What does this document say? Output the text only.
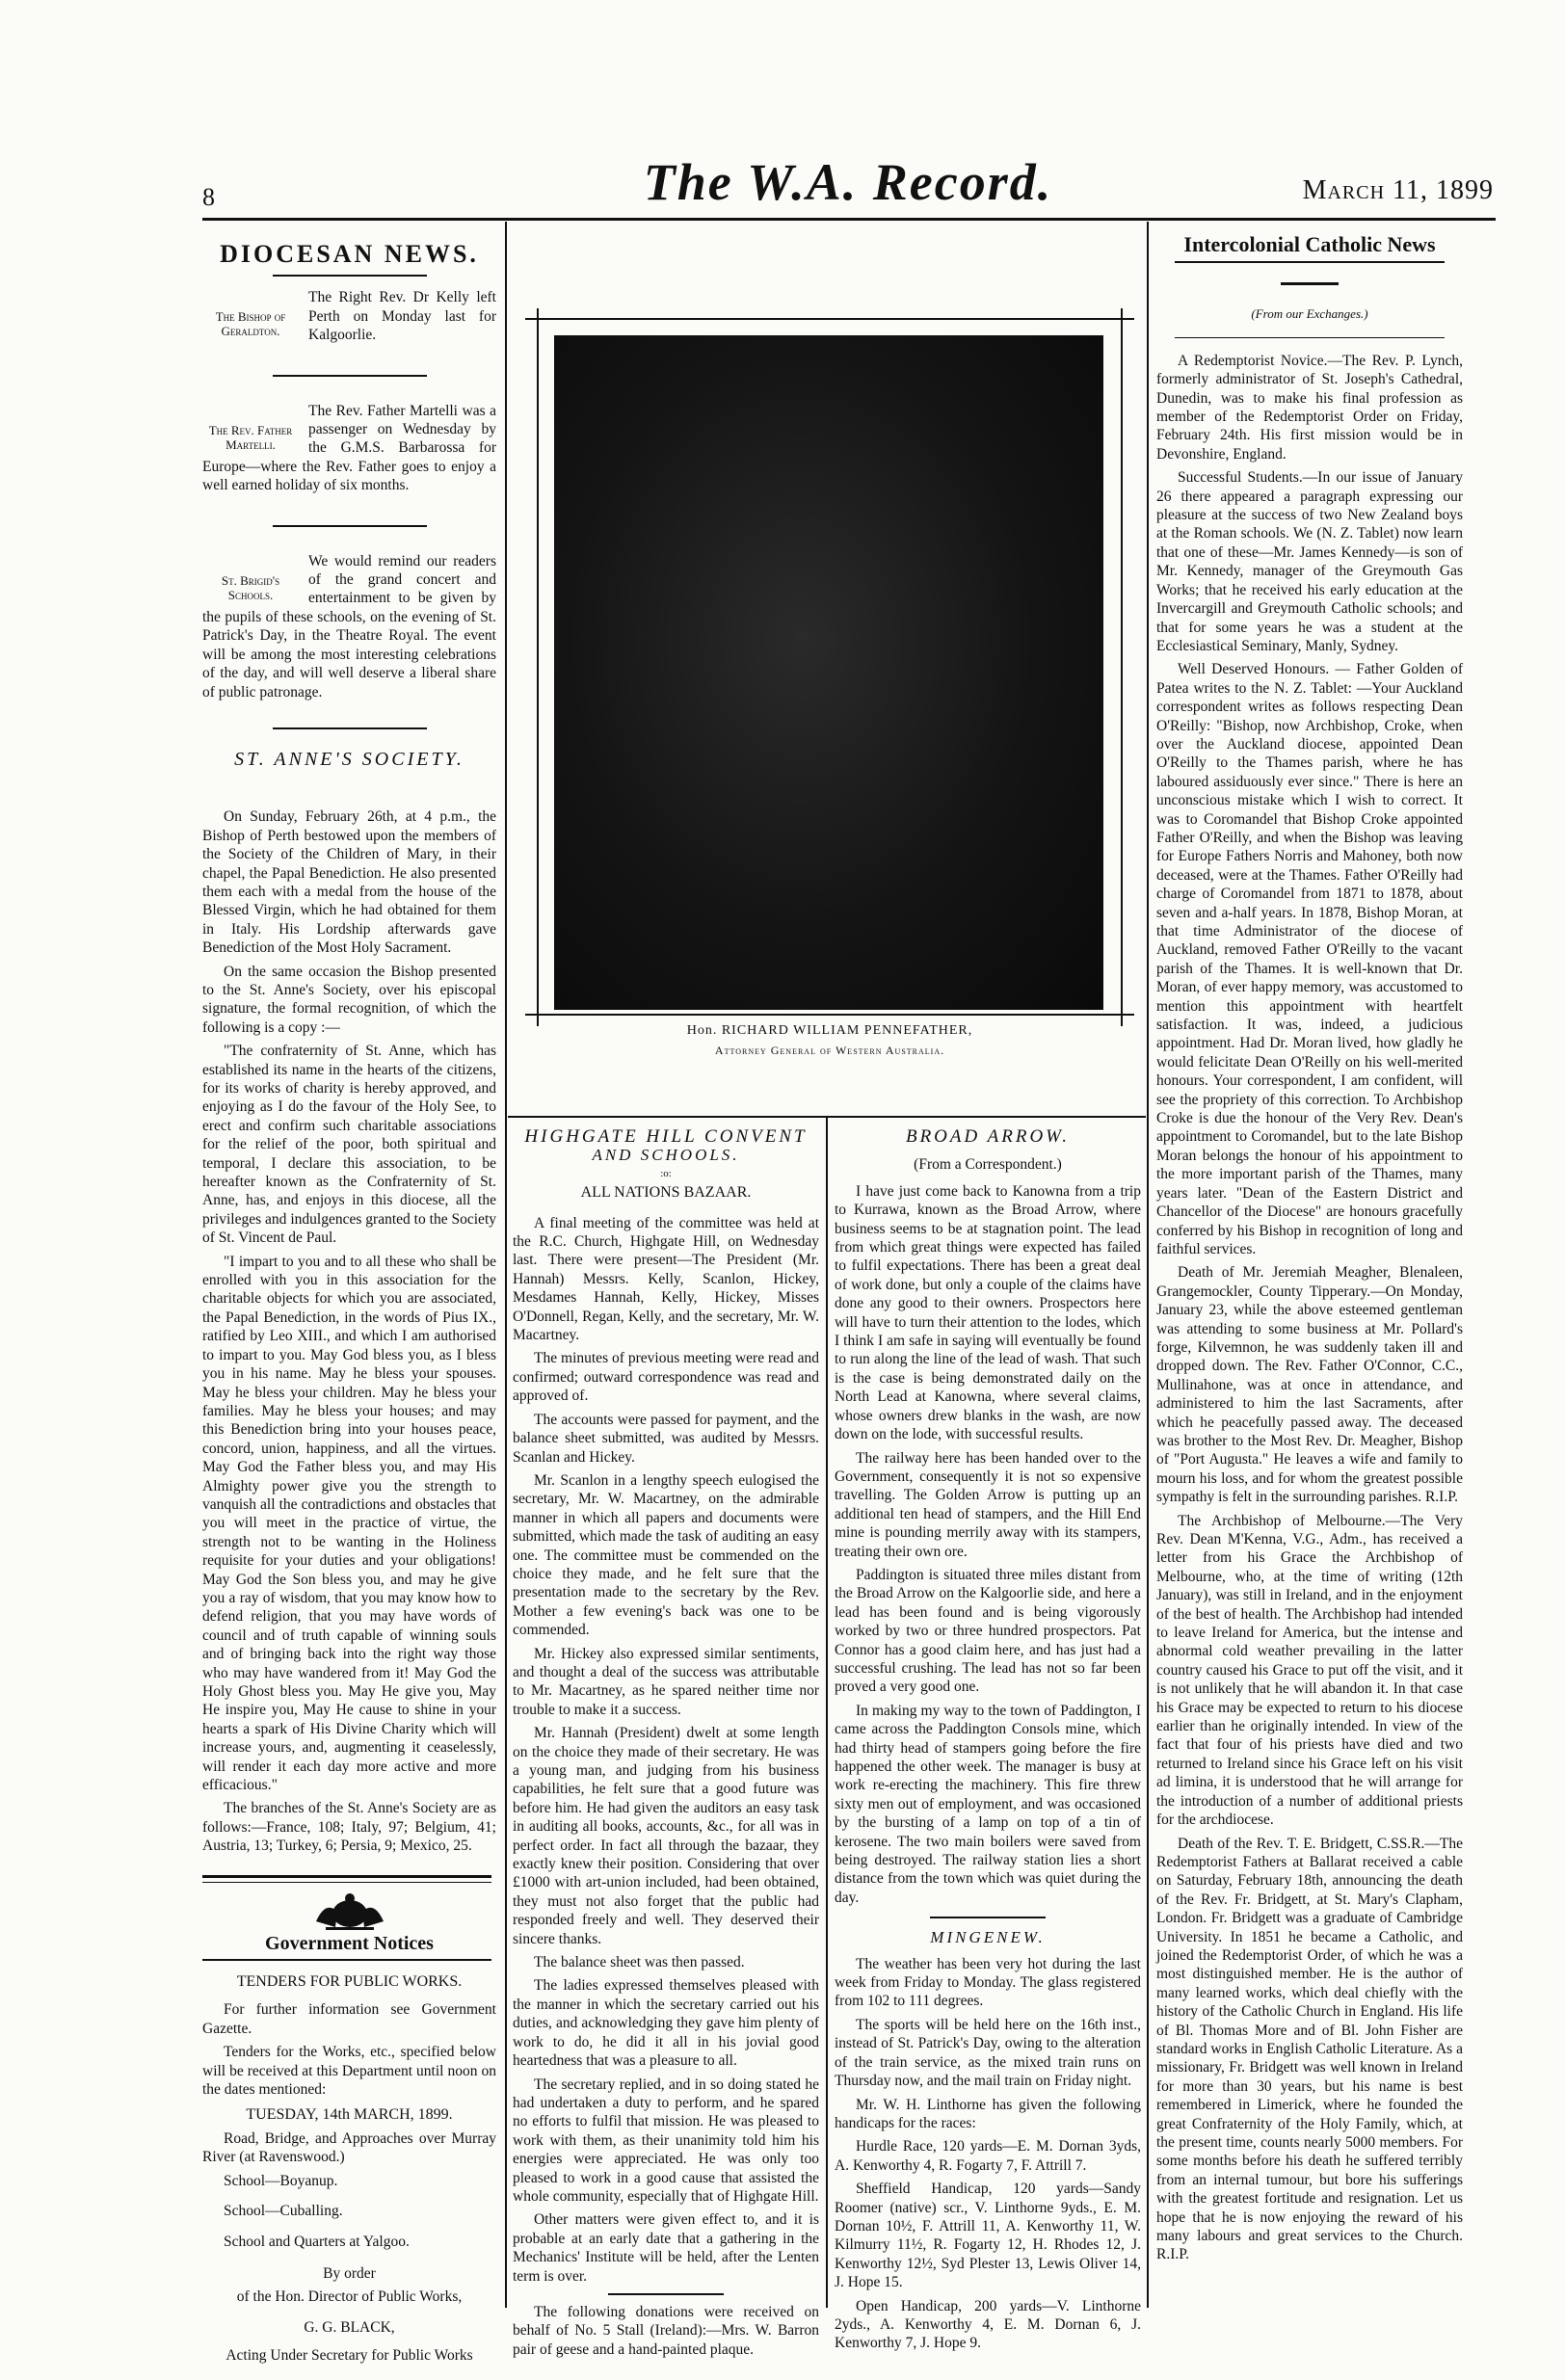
8	The W.A. Record.	March 11, 1899
DIOCESAN NEWS.
The Bishop of Geraldton.

The Right Rev. Dr Kelly left Perth on Monday last for Kalgoorlie.

The Rev. Father Martelli.

The Rev. Father Martelli was a passenger on Wednesday by the G.M.S. Barbarossa for Europe—where the Rev. Father goes to enjoy a well earned holiday of six months.

St. Brigid's Schools.

We would remind our readers of the grand concert and entertainment to be given by the pupils of these schools, on the evening of St. Patrick's Day, in the Theatre Royal. The event will be among the most interesting celebrations of the day, and will well deserve a liberal share of public patronage.

ST. ANNE'S SOCIETY.

On Sunday, February 26th, at 4 p.m., the Bishop of Perth bestowed upon the members of the Society of the Children of Mary, in their chapel, the Papal Benediction. He also presented them each with a medal from the house of the Blessed Virgin, which he had obtained for them in Italy. His Lordship afterwards gave Benediction of the Most Holy Sacrament.

On the same occasion the Bishop presented to the St. Anne's Society, over his episcopal signature, the formal recognition, of which the following is a copy :—

"The confraternity of St. Anne, which has established its name in the hearts of the citizens, for its works of charity is hereby approved, and enjoying as I do the favour of the Holy See, to erect and confirm such charitable associations for the relief of the poor, both spiritual and temporal, I declare this association, to be hereafter known as the Confraternity of St. Anne, has, and enjoys in this diocese, all the privileges and indulgences granted to the Society of St. Vincent de Paul.

"I impart to you and to all these who shall be enrolled with you in this association for the charitable objects for which you are associated, the Papal Benediction, in the words of Pius IX., ratified by Leo XIII., and which I am authorised to impart to you. May God bless you, as I bless you in his name. May he bless your spouses. May he bless your children. May he bless your families. May he bless your houses; and may this Benediction bring into your houses peace, concord, union, happiness, and all the virtues. May God the Father bless you, and may His Almighty power give you the strength to vanquish all the contradictions and obstacles that you will meet in the practice of virtue, the strength not to be wanting in the Holiness requisite for your duties and your obligations! May God the Son bless you, and may he give you a ray of wisdom, that you may know how to defend religion, that you may have words of council and of truth capable of winning souls and of bringing back into the right way those who may have wandered from it! May God the Holy Ghost bless you. May He give you, May He inspire you, May He cause to shine in your hearts a spark of His Divine Charity which will increase yours, and, augmenting it ceaselessly, will render it each day more active and more efficacious."

The branches of the St. Anne's Society are as follows:—France, 108; Italy, 97; Belgium, 41; Austria, 13; Turkey, 6; Persia, 9; Mexico, 25.

Government Notices

TENDERS FOR PUBLIC WORKS.

For further information see Government Gazette.

Tenders for the Works, etc., specified below will be received at this Department until noon on the dates mentioned:

TUESDAY, 14th MARCH, 1899.

Road, Bridge, and Approaches over Murray River (at Ravenswood.)

School—Boyanup.

School—Cuballing.

School and Quarters at Yalgoo.

By order

of the Hon. Director of Public Works,

G. G. BLACK,

Acting Under Secretary for Public Works

Hon. RICHARD WILLIAM PENNEFATHER,
Attorney General of Western Australia.
HIGHGATE HILL CONVENT
AND SCHOOLS.

:o:

ALL NATIONS BAZAAR.

A final meeting of the committee was held at the R.C. Church, Highgate Hill, on Wednesday last. There were present—The President (Mr. Hannah) Messrs. Kelly, Scanlon, Hickey, Mesdames Hannah, Kelly, Hickey, Misses O'Donnell, Regan, Kelly, and the secretary, Mr. W. Macartney.

The minutes of previous meeting were read and confirmed; outward correspondence was read and approved of.

The accounts were passed for payment, and the balance sheet submitted, was audited by Messrs. Scanlan and Hickey.

Mr. Scanlon in a lengthy speech eulogised the secretary, Mr. W. Macartney, on the admirable manner in which all papers and documents were submitted, which made the task of auditing an easy one. The committee must be commended on the choice they made, and he felt sure that the presentation made to the secretary by the Rev. Mother a few evening's back was one to be commended.

Mr. Hickey also expressed similar sentiments, and thought a deal of the success was attributable to Mr. Macartney, as he spared neither time nor trouble to make it a success.

Mr. Hannah (President) dwelt at some length on the choice they made of their secretary. He was a young man, and judging from his business capabilities, he felt sure that a good future was before him. He had given the auditors an easy task in auditing all books, accounts, &c., for all was in perfect order. In fact all through the bazaar, they exactly knew their position. Considering that over £1000 with art-union included, had been obtained, they must not also forget that the public had responded freely and well. They deserved their sincere thanks.

The balance sheet was then passed.

The ladies expressed themselves pleased with the manner in which the secretary carried out his duties, and acknowledging they gave him plenty of work to do, he did it all in his jovial good heartedness that was a pleasure to all.

The secretary replied, and in so doing stated he had undertaken a duty to perform, and he spared no efforts to fulfil that mission. He was pleased to work with them, as their unanimity told him his energies were appreciated. He was only too pleased to work in a good cause that assisted the whole community, especially that of Highgate Hill.

Other matters were given effect to, and it is probable at an early date that a gathering in the Mechanics' Institute will be held, after the Lenten term is over.

The following donations were received on behalf of No. 5 Stall (Ireland):—Mrs. W. Barron pair of geese and a hand-painted plaque.

BROAD ARROW.

(From a Correspondent.)

I have just come back to Kanowna from a trip to Kurrawa, known as the Broad Arrow, where business seems to be at stagnation point. The lead from which great things were expected has failed to fulfil expectations. There has been a great deal of work done, but only a couple of the claims have done any good to their owners. Prospectors here will have to turn their attention to the lodes, which I think I am safe in saying will eventually be found to run along the line of the lead of wash. That such is the case is being demonstrated daily on the North Lead at Kanowna, where several claims, whose owners drew blanks in the wash, are now down on the lode, with successful results.

The railway here has been handed over to the Government, consequently it is not so expensive travelling. The Golden Arrow is putting up an additional ten head of stampers, and the Hill End mine is pounding merrily away with its stampers, treating their own ore.

Paddington is situated three miles distant from the Broad Arrow on the Kalgoorlie side, and here a lead has been found and is being vigorously worked by two or three hundred prospectors. Pat Connor has a good claim here, and has just had a successful crushing. The lead has not so far been proved a very good one.

In making my way to the town of Paddington, I came across the Paddington Consols mine, which had thirty head of stampers going before the fire happened the other week. The manager is busy at work re-erecting the machinery. This fire threw sixty men out of employment, and was occasioned by the bursting of a lamp on top of a tin of kerosene. The two main boilers were saved from being destroyed. The railway station lies a short distance from the town which was quiet during the day.

MINGENEW.

The weather has been very hot during the last week from Friday to Monday. The glass registered from 102 to 111 degrees.

The sports will be held here on the 16th inst., instead of St. Patrick's Day, owing to the alteration of the train service, as the mixed train runs on Thursday now, and the mail train on Friday night.

Mr. W. H. Linthorne has given the following handicaps for the races:

Hurdle Race, 120 yards—E. M. Dornan 3yds, A. Kenworthy 4, R. Fogarty 7, F. Attrill 7.

Sheffield Handicap, 120 yards—Sandy Roomer (native) scr., V. Linthorne 9yds., E. M. Dornan 10½, F. Attrill 11, A. Kenworthy 11, W. Kilmurry 11½, R. Fogarty 12, H. Rhodes 12, J. Kenworthy 12½, Syd Plester 13, Lewis Oliver 14, J. Hope 15.

Open Handicap, 200 yards—V. Linthorne 2yds., A. Kenworthy 4, E. M. Dornan 6, J. Kenworthy 7, J. Hope 9.

Intercolonial Catholic News

(From our Exchanges.)

A Redemptorist Novice.—The Rev. P. Lynch, formerly administrator of St. Joseph's Cathedral, Dunedin, was to make his final profession as member of the Redemptorist Order on Friday, February 24th. His first mission would be in Devonshire, England.

Successful Students.—In our issue of January 26 there appeared a paragraph expressing our pleasure at the success of two New Zealand boys at the Roman schools. We (N. Z. Tablet) now learn that one of these—Mr. James Kennedy—is son of Mr. Kennedy, manager of the Greymouth Gas Works; that he received his early education at the Invercargill and Greymouth Catholic schools; and that for some years he was a student at the Ecclesiastical Seminary, Manly, Sydney.

Well Deserved Honours. — Father Golden of Patea writes to the N. Z. Tablet: —Your Auckland correspondent writes as follows respecting Dean O'Reilly: "Bishop, now Archbishop, Croke, when over the Auckland diocese, appointed Dean O'Reilly to the Thames parish, where he has laboured assiduously ever since." There is here an unconscious mistake which I wish to correct. It was to Coromandel that Bishop Croke appointed Father O'Reilly, and when the Bishop was leaving for Europe Fathers Norris and Mahoney, both now deceased, were at the Thames. Father O'Reilly had charge of Coromandel from 1871 to 1878, about seven and a-half years. In 1878, Bishop Moran, at that time Administrator of the diocese of Auckland, removed Father O'Reilly to the vacant parish of the Thames. It is well-known that Dr. Moran, of ever happy memory, was accustomed to mention this appointment with heartfelt satisfaction. It was, indeed, a judicious appointment. Had Dr. Moran lived, how gladly he would felicitate Dean O'Reilly on his well-merited honours. Your correspondent, I am confident, will see the propriety of this correction. To Archbishop Croke is due the honour of the Very Rev. Dean's appointment to Coromandel, but to the late Bishop Moran belongs the honour of his appointment to the more important parish of the Thames, many years later. "Dean of the Eastern District and Chancellor of the Diocese" are honours gracefully conferred by his Bishop in recognition of long and faithful services.

Death of Mr. Jeremiah Meagher, Blenaleen, Grangemockler, County Tipperary.—On Monday, January 23, while the above esteemed gentleman was attending to some business at Mr. Pollard's forge, Kilvemnon, he was suddenly taken ill and dropped down. The Rev. Father O'Connor, C.C., Mullinahone, was at once in attendance, and administered to him the last Sacraments, after which he peacefully passed away. The deceased was brother to the Most Rev. Dr. Meagher, Bishop of "Port Augusta." He leaves a wife and family to mourn his loss, and for whom the greatest possible sympathy is felt in the surrounding parishes. R.I.P.

The Archbishop of Melbourne.—The Very Rev. Dean M'Kenna, V.G., Adm., has received a letter from his Grace the Archbishop of Melbourne, who, at the time of writing (12th January), was still in Ireland, and in the enjoyment of the best of health. The Archbishop had intended to leave Ireland for America, but the intense and abnormal cold weather prevailing in the latter country caused his Grace to put off the visit, and it is not unlikely that he will abandon it. In that case his Grace may be expected to return to his diocese earlier than he originally intended. In view of the fact that four of his priests have died and two returned to Ireland since his Grace left on his visit ad limina, it is understood that he will arrange for the introduction of a number of additional priests for the archdiocese.

Death of the Rev. T. E. Bridgett, C.SS.R.—The Redemptorist Fathers at Ballarat received a cable on Saturday, February 18th, announcing the death of the Rev. Fr. Bridgett, at St. Mary's Clapham, London. Fr. Bridgett was a graduate of Cambridge University. In 1851 he became a Catholic, and joined the Redemptorist Order, of which he was a most distinguished member. He is the author of many learned works, which deal chiefly with the history of the Catholic Church in England. His life of Bl. Thomas More and of Bl. John Fisher are standard works in English Catholic Literature. As a missionary, Fr. Bridgett was well known in Ireland for more than 30 years, but his name is best remembered in Limerick, where he founded the great Confraternity of the Holy Family, which, at the present time, counts nearly 5000 members. For some months before his death he suffered terribly from an internal tumour, but bore his sufferings with the greatest fortitude and resignation. Let us hope that he is now enjoying the reward of his many labours and great services to the Church. R.I.P.
